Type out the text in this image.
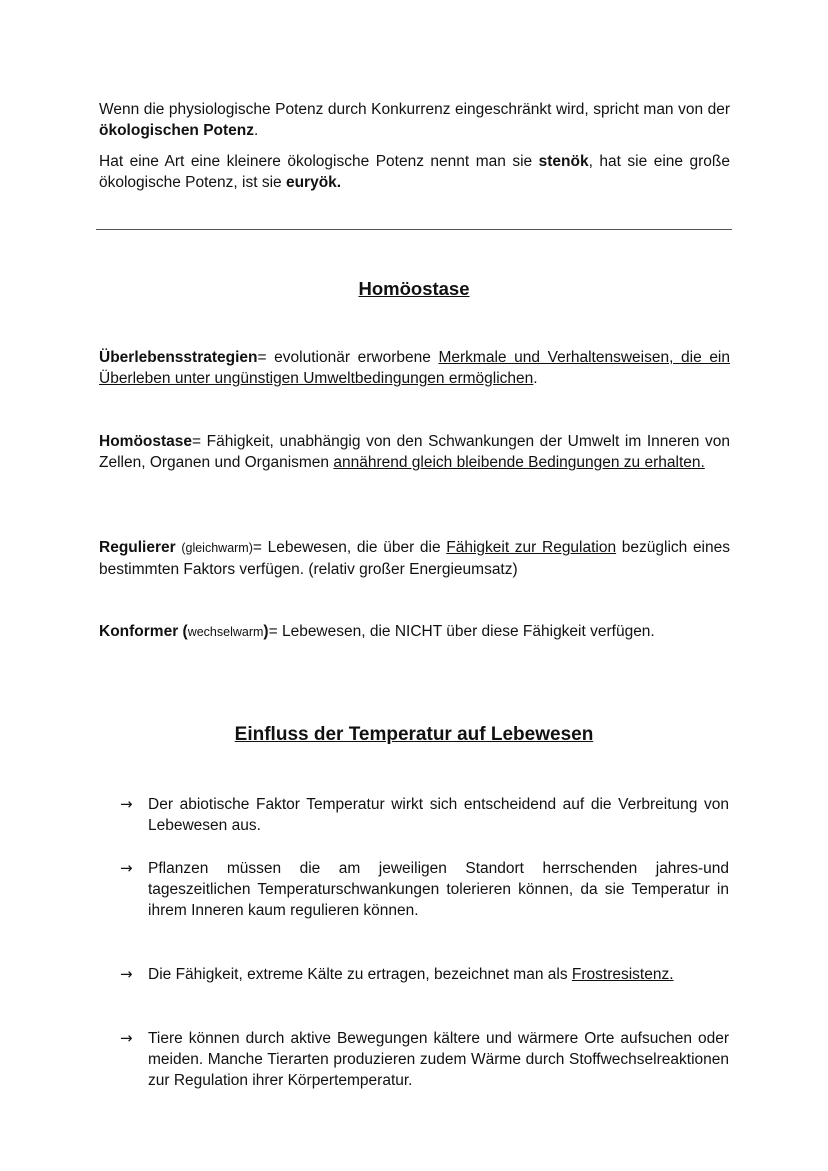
Wenn die physiologische Potenz durch Konkurrenz eingeschränkt wird, spricht man von der ökologischen Potenz.

Hat eine Art eine kleinere ökologische Potenz nennt man sie stenök, hat sie eine große ökologische Potenz, ist sie euryök.

Homöostase

Überlebensstrategien= evolutionär erworbene Merkmale und Verhaltensweisen, die ein Überleben unter ungünstigen Umweltbedingungen ermöglichen.

Homöostase= Fähigkeit, unabhängig von den Schwankungen der Umwelt im Inneren von Zellen, Organen und Organismen annährend gleich bleibende Bedingungen zu erhalten.

Regulierer (gleichwarm)= Lebewesen, die über die Fähigkeit zur Regulation bezüglich eines bestimmten Faktors verfügen. (relativ großer Energieumsatz)

Konformer (wechselwarm)= Lebewesen, die NICHT über diese Fähigkeit verfügen.

Einfluss der Temperatur auf Lebewesen
→ Der abiotische Faktor Temperatur wirkt sich entscheidend auf die Verbreitung von Lebewesen aus.

→ Pflanzen müssen die am jeweiligen Standort herrschenden jahres-und tageszeitlichen Temperaturschwankungen tolerieren können, da sie Temperatur in ihrem Inneren kaum regulieren können.

→ Die Fähigkeit, extreme Kälte zu ertragen, bezeichnet man als Frostresistenz.

→ Tiere können durch aktive Bewegungen kältere und wärmere Orte aufsuchen oder meiden. Manche Tierarten produzieren zudem Wärme durch Stoffwechselreaktionen zur Regulation ihrer Körpertemperatur.
